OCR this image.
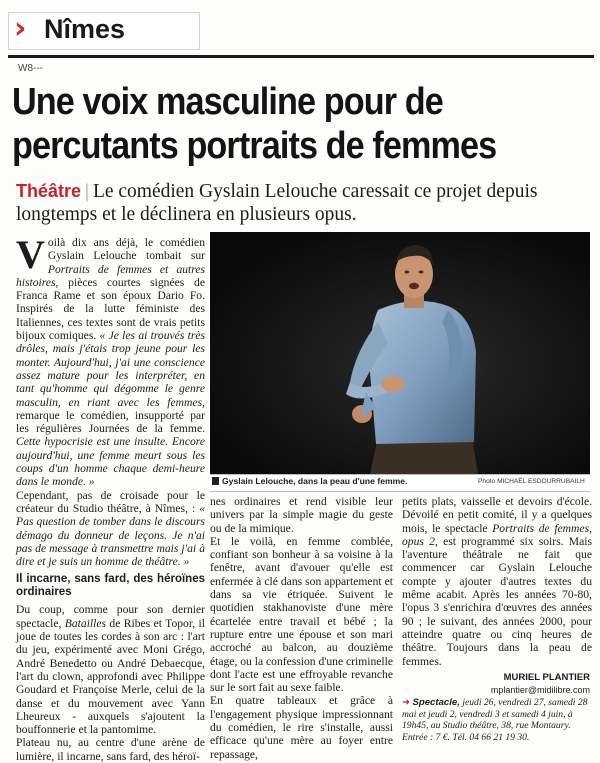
› Nîmes
W8---
Une voix masculine pour de percutants portraits de femmes

Théâtre | Le comédien Gyslain Lelouche caressait ce projet depuis longtemps et le déclinera en plusieurs opus.

Voilà dix ans déjà, le comédien Gyslain Lelouche tombait sur Portraits de femmes et autres histoires, pièces courtes signées de Franca Rame et son époux Dario Fo. Inspirés de la lutte féministe des Italiennes, ces textes sont de vrais petits bijoux comiques. « Je les ai trouvés très drôles, mais j'étais trop jeune pour les monter. Aujourd'hui, j'ai une conscience assez mature pour les interpréter, en tant qu'homme qui dégomme le genre masculin, en riant avec les femmes, remarque le comédien, insupporté par les régulières Journées de la femme. Cette hypocrisie est une insulte. Encore aujourd'hui, une femme meurt sous les coups d'un homme chaque demi-heure dans le monde. »

Cependant, pas de croisade pour le créateur du Studio théâtre, à Nîmes, : « Pas question de tomber dans le discours démago du donneur de leçons. Je n'ai pas de message à transmettre mais j'ai à dire et je suis un homme de théâtre. »

Il incarne, sans fard, des héroïnes ordinaires

Du coup, comme pour son dernier spectacle, Batailles de Ribes et Topor, il joue de toutes les cordes à son arc : l'art du jeu, expérimenté avec Moni Grégo, André Benedetto ou André Debaecque, l'art du clown, approfondi avec Philippe Goudard et Françoise Merle, celui de la danse et du mouvement avec Yann Lheureux - auxquels s'ajoutent la bouffonnerie et la pantomime.

Plateau nu, au centre d'une arène de lumière, il incarne, sans fard, des héroï-

Gyslain Lelouche, dans la peau d'une femme.	Photo MICHAËL ESDOURRUBAILH

nes ordinaires et rend visible leur univers par la simple magie du geste ou de la mimique.

Et le voilà, en femme comblée, confiant son bonheur à sa voisine à la fenêtre, avant d'avouer qu'elle est enfermée à clé dans son appartement et dans sa vie étriquée. Suivent le quotidien stakhanoviste d'une mère écartelée entre travail et bébé ; la rupture entre une épouse et son mari accroché au balcon, au douzième étage, ou la confession d'une criminelle dont l'acte est une effroyable revanche sur le sort fait au sexe faible.

En quatre tableaux et grâce à l'engagement physique impressionnant du comédien, le rire s'installe, aussi efficace qu'une mère au foyer entre repassage,

petits plats, vaisselle et devoirs d'école. Dévoilé en petit comité, il y a quelques mois, le spectacle Portraits de femmes, opus 2, est programmé six soirs. Mais l'aventure théâtrale ne fait que commencer car Gyslain Lelouche compte y ajouter d'autres textes du même acabit. Après les années 70-80, l'opus 3 s'enrichira d'œuvres des années 90 ; le suivant, des années 2000, pour atteindre quatre ou cinq heures de théâtre. Toujours dans la peau de femmes.

MURIEL PLANTIER
mplantier@midilibre.com
➜ Spectacle, jeudi 26, vendredi 27, samedi 28 mai et jeudi 2, vendredi 3 et samedi 4 juin, à 19h45, au Studio théâtre, 38, rue Montaury. Entrée : 7 €. Tél. 04 66 21 19 30.
